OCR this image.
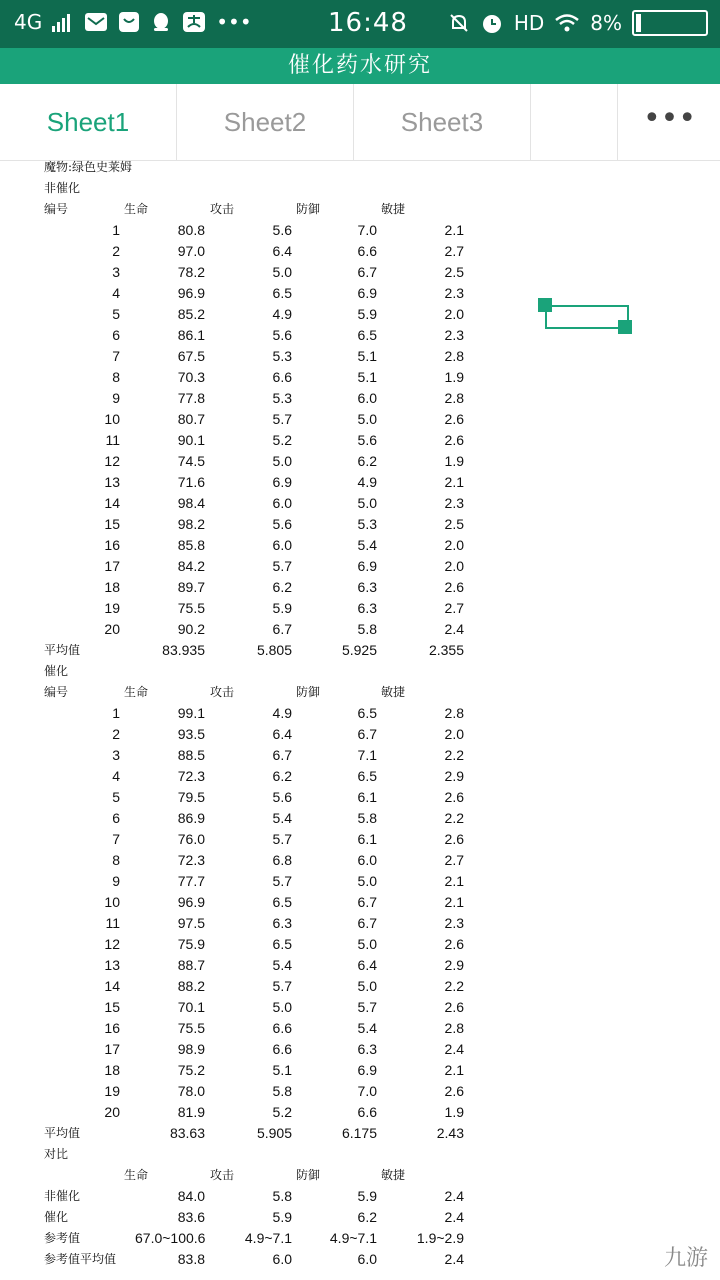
4G	•••	16:48	HD 8%
催化药水研究
Sheet1	Sheet2	Sheet3	•••
魔物:绿色史莱姆
非催化
编号	生命	攻击	防御	敏捷
1	80.8	5.6	7.0	2.1
2	97.0	6.4	6.6	2.7
3	78.2	5.0	6.7	2.5
4	96.9	6.5	6.9	2.3
5	85.2	4.9	5.9	2.0
6	86.1	5.6	6.5	2.3
7	67.5	5.3	5.1	2.8
8	70.3	6.6	5.1	1.9
9	77.8	5.3	6.0	2.8
10	80.7	5.7	5.0	2.6
11	90.1	5.2	5.6	2.6
12	74.5	5.0	6.2	1.9
13	71.6	6.9	4.9	2.1
14	98.4	6.0	5.0	2.3
15	98.2	5.6	5.3	2.5
16	85.8	6.0	5.4	2.0
17	84.2	5.7	6.9	2.0
18	89.7	6.2	6.3	2.6
19	75.5	5.9	6.3	2.7
20	90.2	6.7	5.8	2.4
平均值	83.935	5.805	5.925	2.355
催化
编号	生命	攻击	防御	敏捷
1	99.1	4.9	6.5	2.8
2	93.5	6.4	6.7	2.0
3	88.5	6.7	7.1	2.2
4	72.3	6.2	6.5	2.9
5	79.5	5.6	6.1	2.6
6	86.9	5.4	5.8	2.2
7	76.0	5.7	6.1	2.6
8	72.3	6.8	6.0	2.7
9	77.7	5.7	5.0	2.1
10	96.9	6.5	6.7	2.1
11	97.5	6.3	6.7	2.3
12	75.9	6.5	5.0	2.6
13	88.7	5.4	6.4	2.9
14	88.2	5.7	5.0	2.2
15	70.1	5.0	5.7	2.6
16	75.5	6.6	5.4	2.8
17	98.9	6.6	6.3	2.4
18	75.2	5.1	6.9	2.1
19	78.0	5.8	7.0	2.6
20	81.9	5.2	6.6	1.9
平均值	83.63	5.905	6.175	2.43
对比
生命	攻击	防御	敏捷
非催化	84.0	5.8	5.9	2.4
催化	83.6	5.9	6.2	2.4
参考值	67.0~100.6	4.9~7.1	4.9~7.1	1.9~2.9
参考值平均值	83.8	6.0	6.0	2.4	九游
